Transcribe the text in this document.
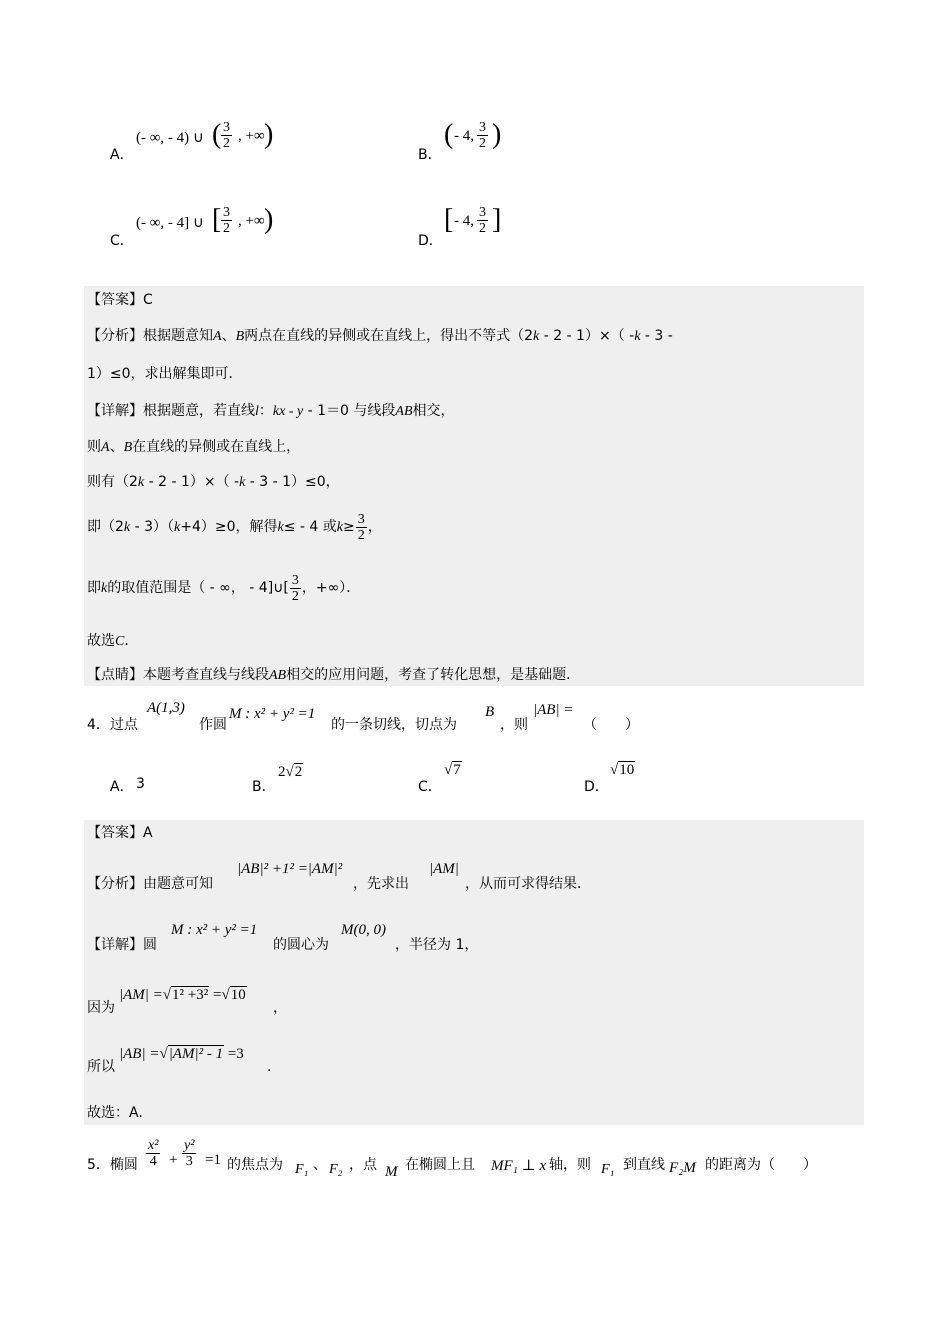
A．
(- ∞, - 4) ∪ ( $\frac{3}{2}$ , +∞ )
B．
( - 4, $\frac{3}{2}$ )
C．
(- ∞, - 4] ∪ [ $\frac{3}{2}$ , +∞ )
D．
[ - 4, $\frac{3}{2}$ ]
【答案】C
【分析】根据题意知A、B两点在直线的异侧或在直线上，得出不等式（2k - 2 - 1）×（ -k - 3 -
1）≤0，求出解集即可．
【详解】根据题意，若直线l：kx - y - 1＝0 与线段AB相交，
则A、B在直线的异侧或在直线上，
则有（2k - 2 - 1）×（ -k - 3 - 1）≤0，
即（2k - 3）（k+4）≥0，解得k≤ - 4 或$k\ge \frac{3}{2}$ ，
即k的取值范围是（ - ∞， - 4]∪[ $\frac{3}{2}$ ，+∞）．
故选C．
【点睛】本题考查直线与线段AB相交的应用问题，考查了转化思想，是基础题．
4．过点
A(1,3)
作圆
M : x² + y² =1
的一条切线，切点为
B
，则
|AB| =
（　　）
A． 3	B．
2√2
C．
√7
D．
√10
【答案】A
【分析】 由题意可知
|AB|² +1² =|AM|²
，先求出
|AM|
，从而可求得结果．
【详解】 圆
M : x² + y² =1
的圆心为
M(0, 0)
，半径为 1，
因为
|AM| =√1² +3² =√10
，
所以
|AB| =√|AM|² - 1 =3
．
故选：A.
5．椭圆 $\frac{\text{x²}}{4} + \frac{\text{y²}}{3} =1$ 的焦点为 F₁ 、 F₂ ，点 M 在椭圆上且 MF₁ ⊥ x 轴，则 F₁ 到直线 F₂M 的距离为（　　）
